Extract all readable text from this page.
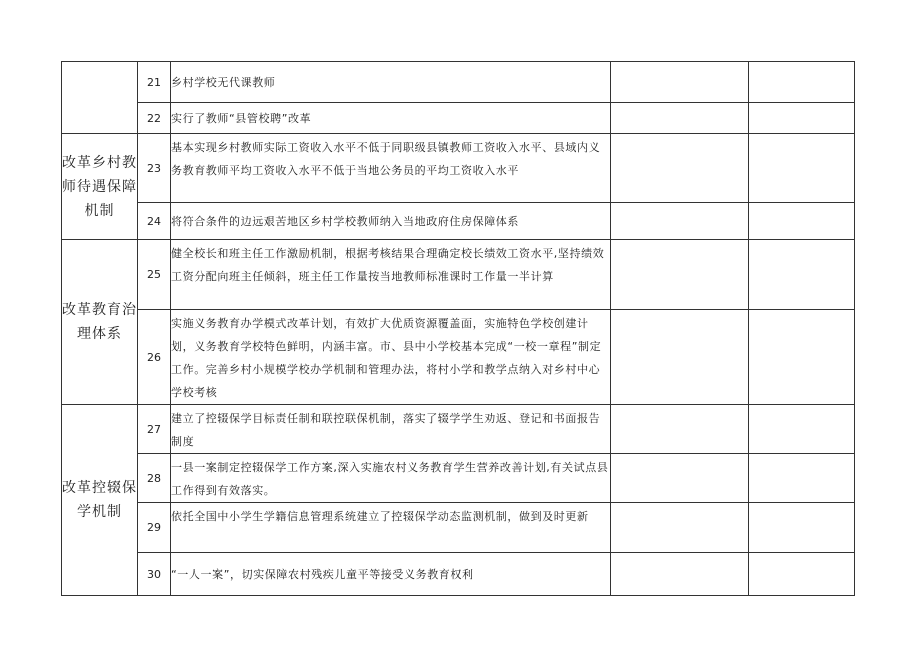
	21	乡村学校无代课教师		
	22	实行了教师“县管校聘”改革		
改革乡村教师待遇保障机制	23	基本实现乡村教师实际工资收入水平不低于同职级县镇教师工资收入水平、县域内义务教育教师平均工资收入水平不低于当地公务员的平均工资收入水平		
	24	将符合条件的边远艰苦地区乡村学校教师纳入当地政府住房保障体系		
改革教育治理体系	25	健全校长和班主任工作激励机制，根据考核结果合理确定校长绩效工资水平,坚持绩效工资分配向班主任倾斜，班主任工作量按当地教师标准课时工作量一半计算		
	26	实施义务教育办学模式改革计划，有效扩大优质资源覆盖面，实施特色学校创建计划，义务教育学校特色鲜明，内涵丰富。市、县中小学校基本完成“一校一章程”制定工作。完善乡村小规模学校办学机制和管理办法，将村小学和教学点纳入对乡村中心学校考核		
改革控辍保学机制	27	建立了控辍保学目标责任制和联控联保机制，落实了辍学学生劝返、登记和书面报告制度		
	28	一县一案制定控辍保学工作方案,深入实施农村义务教育学生营养改善计划,有关试点县工作得到有效落实。		
	29	依托全国中小学生学籍信息管理系统建立了控辍保学动态监测机制，做到及时更新		
	30	“一人一案”，切实保障农村残疾儿童平等接受义务教育权利		
